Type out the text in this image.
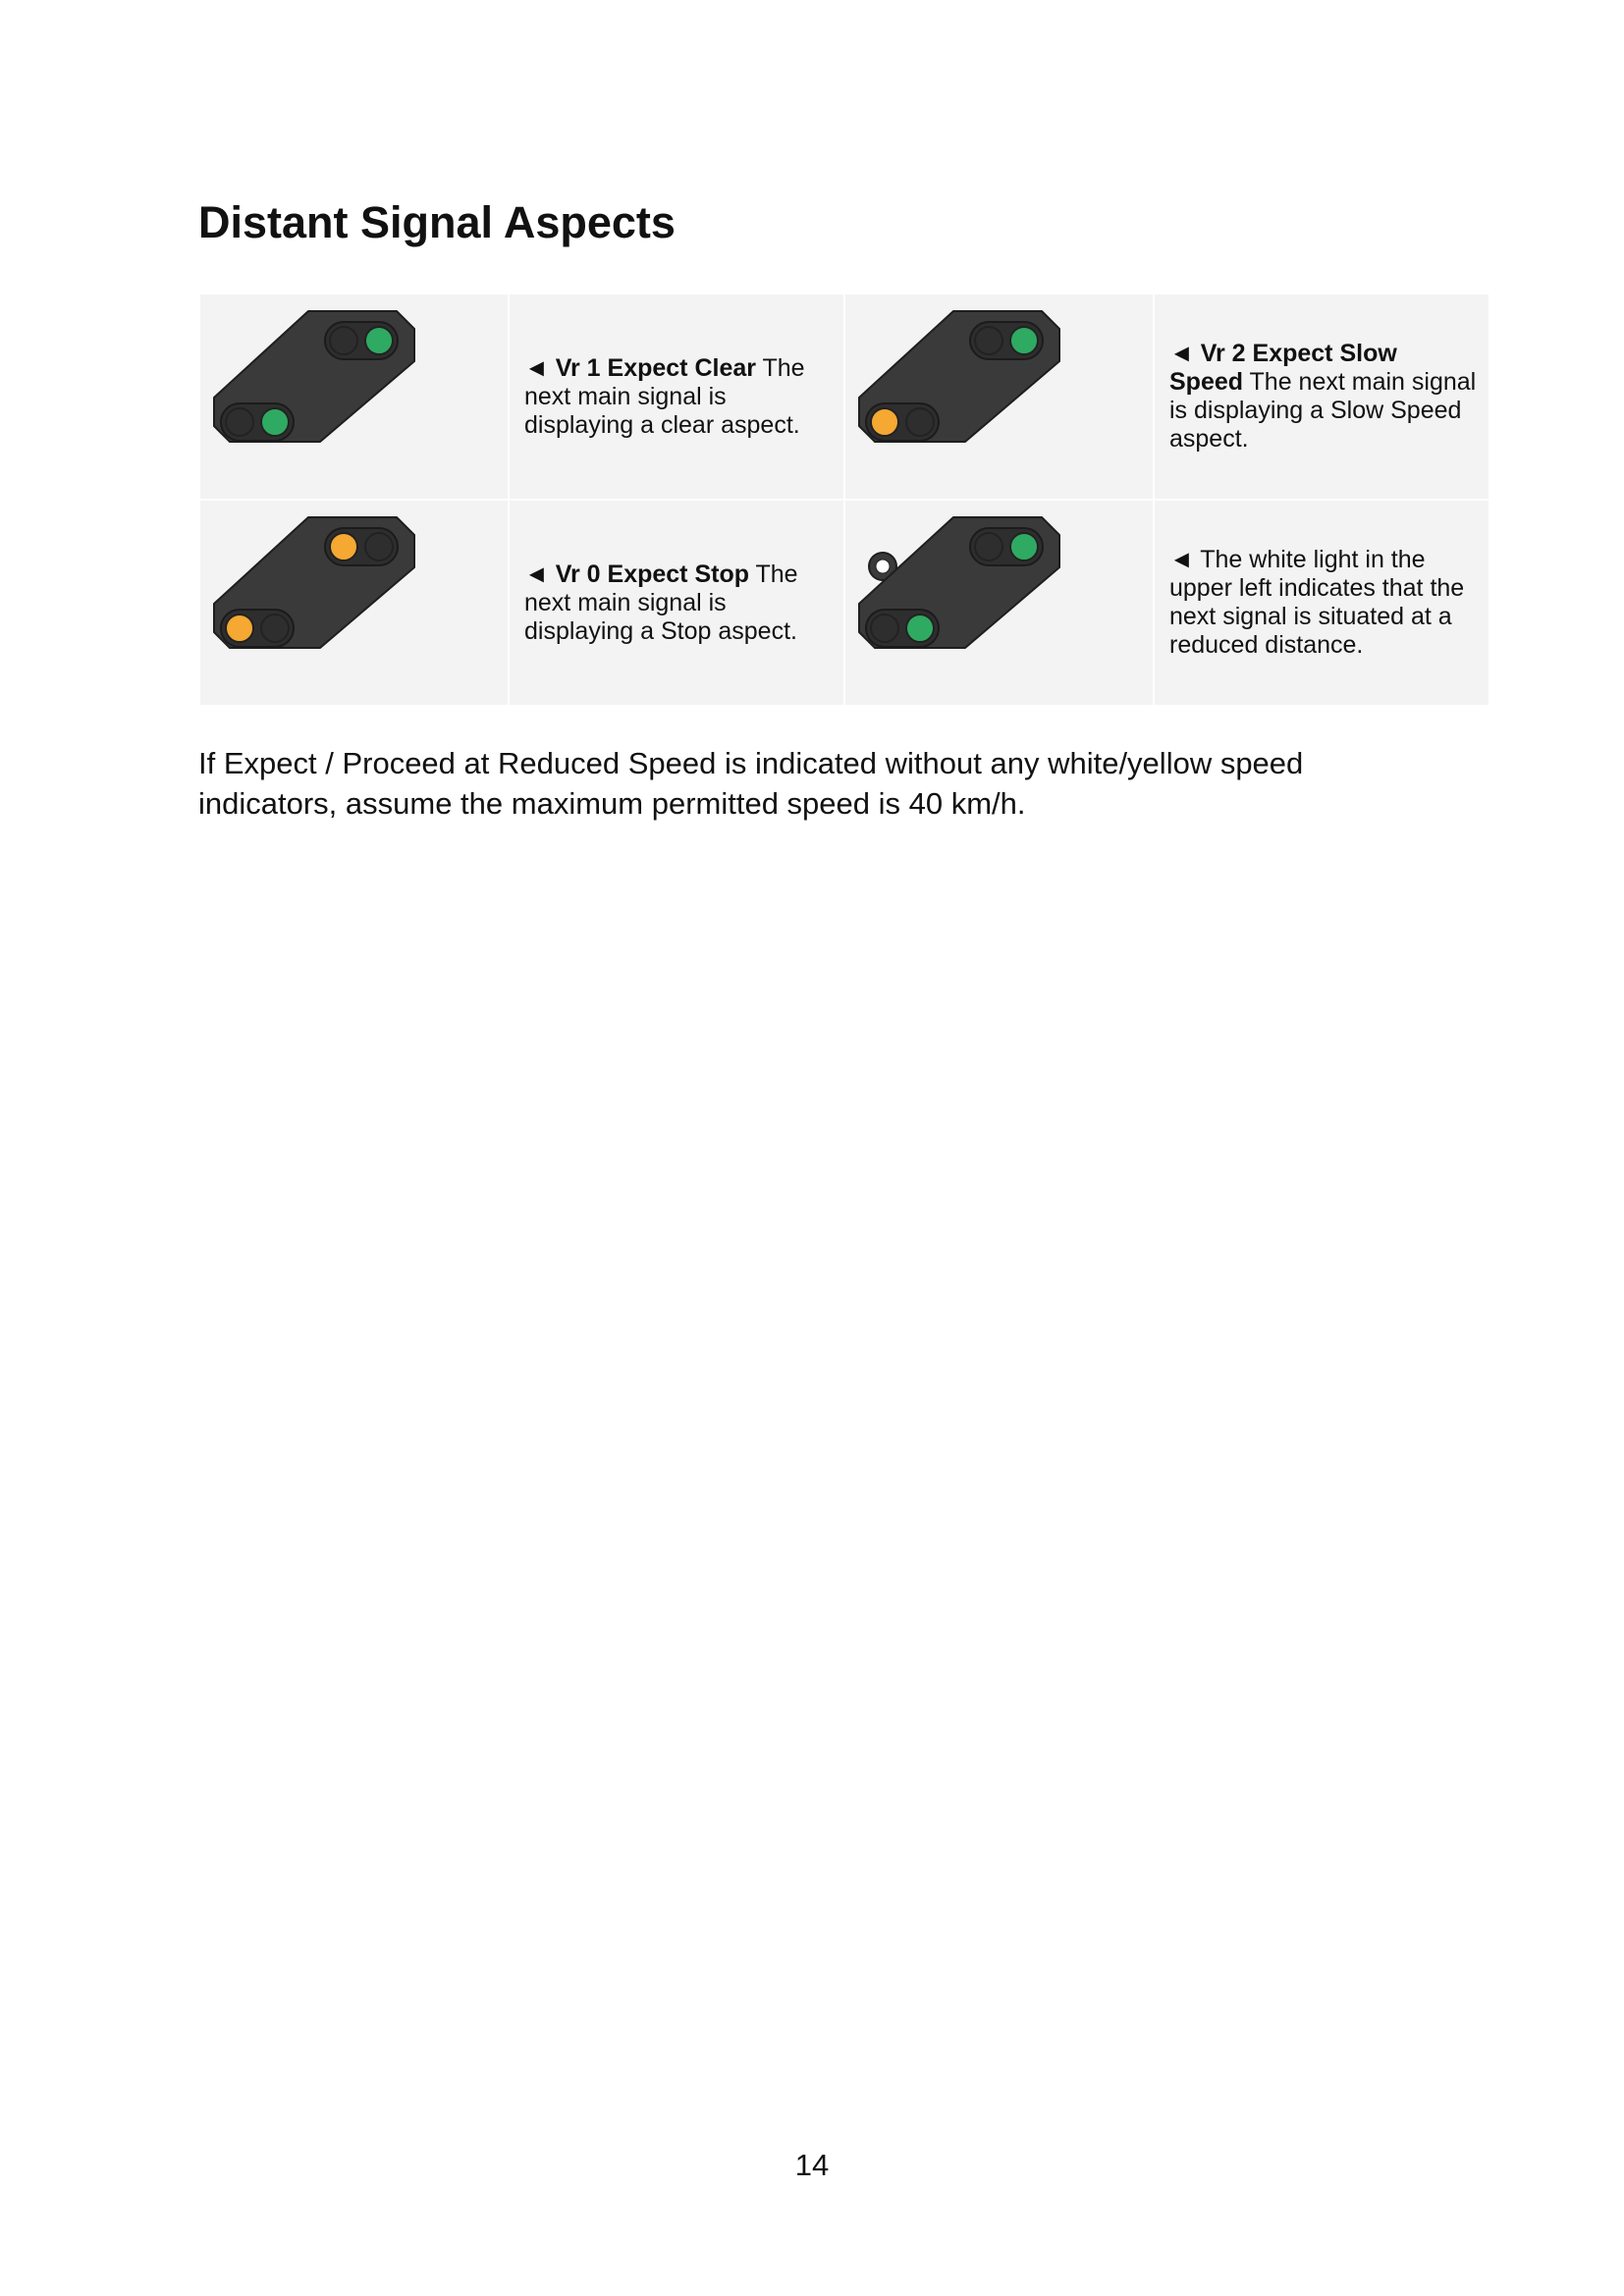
Distant Signal Aspects

◄ Vr 1 Expect Clear The next main signal is displaying a clear aspect.		◄ Vr 2 Expect Slow Speed The next main signal is displaying a Slow Speed aspect.

◄ Vr 0 Expect Stop The next main signal is displaying a Stop aspect.		◄ The white light in the upper left indicates that the next signal is situated at a reduced distance.

If Expect / Proceed at Reduced Speed is indicated without any white/yellow speed indicators, assume the maximum permitted speed is 40 km/h.

14
